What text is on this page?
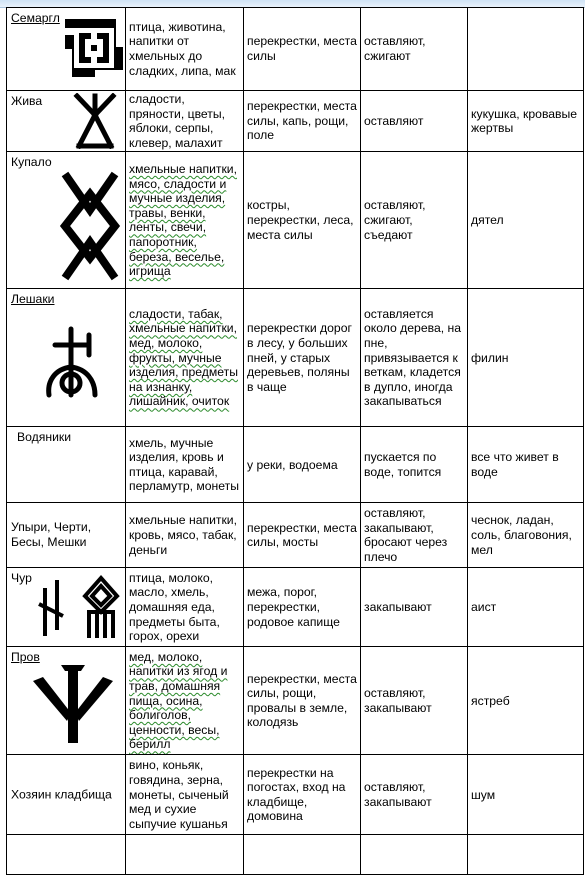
Семаргл	птица, животина, напитки от хмельных до сладких, липа, мак	перекрестки, места силы	оставляют, сжигают	

Жива	сладости, пряности, цветы, яблоки, серпы, клевер, малахит	перекрестки, места силы, капь, рощи, поле	оставляют	кукушка, кровавые жертвы

Купало	хмельные напитки, мясо, сладости и мучные изделия, травы, венки, ленты, свечи, папоротник, береза, веселье, игрища	костры, перекрестки, леса, места силы	оставляют, сжигают, съедают	дятел

Лешаки	сладости, табак, хмельные напитки, мед, молоко, фрукты, мучные изделия, предметы на изнанку, лишайник, очиток	перекрестки дорог в лесу, у больших пней, у старых деревьев, поляны в чаще	оставляется около дерева, на пне, привязывается к веткам, кладется в дупло, иногда закапываться	филин

Водяники	хмель, мучные изделия, кровь и птица, каравай, перламутр, монеты	у реки, водоема	пускается по воде, топится	все что живет в воде

Упыри, Черти, Бесы, Мешки	хмельные напитки, кровь, мясо, табак, деньги	перекрестки, места силы, мосты	оставляют, закапывают, бросают через плечо	чеснок, ладан, соль, благовония, мел

Чур	птица, молоко, масло, хмель, домашняя еда, предметы быта, горох, орехи	межа, порог, перекрестки, родовое капище	закапывают	аист

Пров	мед, молоко, напитки из ягод и трав, домашняя пища, осина, болиголов, ценности, весы, берилл	перекрестки, места силы, рощи, провалы в земле, колодязь	оставляют, закапывают	ястреб

Хозяин кладбища	вино, коньяк, говядина, зерна, монеты, сыченый мед и сухие сыпучие кушанья	перекрестки на погостах, вход на кладбище, домовина	оставляют, закапывают	шум
